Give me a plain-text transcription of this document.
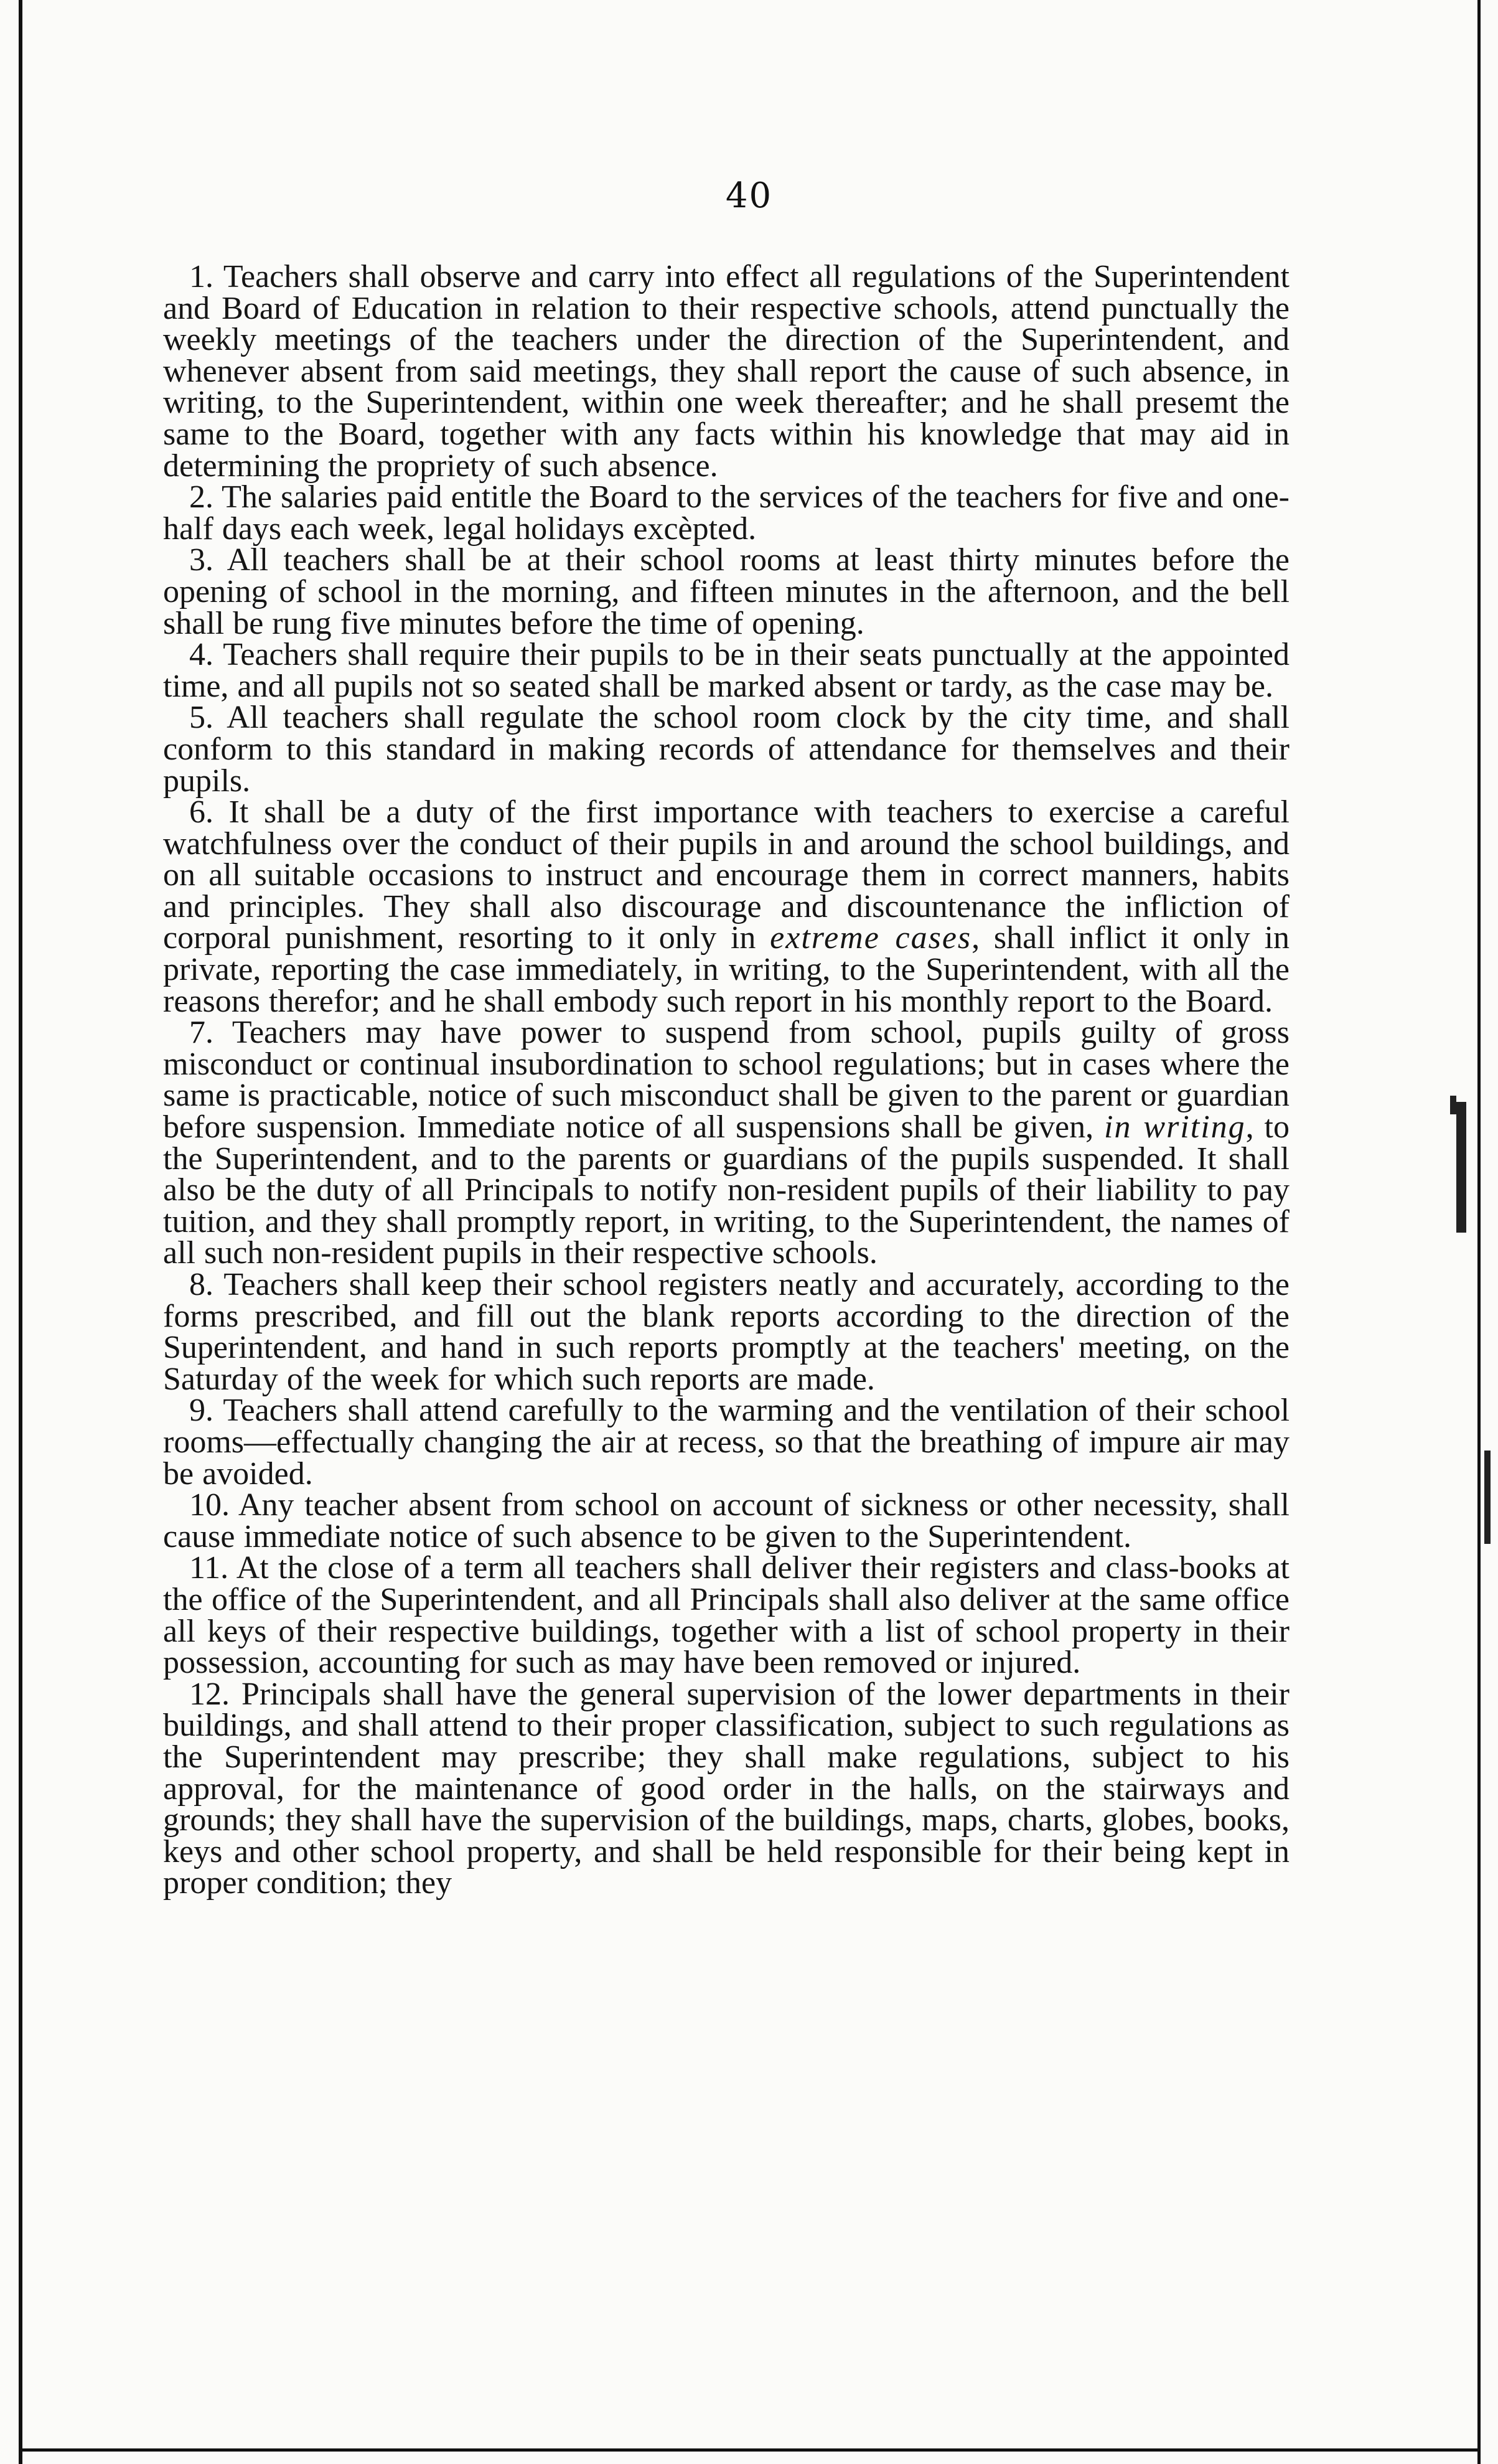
40

1. Teachers shall observe and carry into effect all regulations of the Superintendent and Board of Education in relation to their respective schools, attend punctually the weekly meetings of the teachers under the direction of the Superintendent, and whenever absent from said meetings, they shall report the cause of such absence, in writing, to the Superintendent, within one week thereafter; and he shall presemt the same to the Board, together with any facts within his knowledge that may aid in determining the propriety of such absence.

2. The salaries paid entitle the Board to the services of the teachers for five and one-half days each week, legal holidays excèpted.

3. All teachers shall be at their school rooms at least thirty minutes before the opening of school in the morning, and fifteen minutes in the afternoon, and the bell shall be rung five minutes before the time of opening.

4. Teachers shall require their pupils to be in their seats punctually at the appointed time, and all pupils not so seated shall be marked absent or tardy, as the case may be.

5. All teachers shall regulate the school room clock by the city time, and shall conform to this standard in making records of attendance for themselves and their pupils.

6. It shall be a duty of the first importance with teachers to exercise a careful watchfulness over the conduct of their pupils in and around the school buildings, and on all suitable occasions to instruct and encourage them in correct manners, habits and principles. They shall also discourage and discountenance the infliction of corporal punishment, resorting to it only in extreme cases, shall inflict it only in private, reporting the case immediately, in writing, to the Superintendent, with all the reasons therefor; and he shall embody such report in his monthly report to the Board.

7. Teachers may have power to suspend from school, pupils guilty of gross misconduct or continual insubordination to school regulations; but in cases where the same is practicable, notice of such misconduct shall be given to the parent or guardian before suspension. Immediate notice of all suspensions shall be given, in writing, to the Superintendent, and to the parents or guardians of the pupils suspended. It shall also be the duty of all Principals to notify non-resident pupils of their liability to pay tuition, and they shall promptly report, in writing, to the Superintendent, the names of all such non-resident pupils in their respective schools.

8. Teachers shall keep their school registers neatly and accurately, according to the forms prescribed, and fill out the blank reports according to the direction of the Superintendent, and hand in such reports promptly at the teachers' meeting, on the Saturday of the week for which such reports are made.

9. Teachers shall attend carefully to the warming and the ventilation of their school rooms—effectually changing the air at recess, so that the breathing of impure air may be avoided.

10. Any teacher absent from school on account of sickness or other necessity, shall cause immediate notice of such absence to be given to the Superintendent.

11. At the close of a term all teachers shall deliver their registers and class-books at the office of the Superintendent, and all Principals shall also deliver at the same office all keys of their respective buildings, together with a list of school property in their possession, accounting for such as may have been removed or injured.

12. Principals shall have the general supervision of the lower departments in their buildings, and shall attend to their proper classification, subject to such regulations as the Superintendent may prescribe; they shall make regulations, subject to his approval, for the maintenance of good order in the halls, on the stairways and grounds; they shall have the supervision of the buildings, maps, charts, globes, books, keys and other school property, and shall be held responsible for their being kept in proper condition; they
